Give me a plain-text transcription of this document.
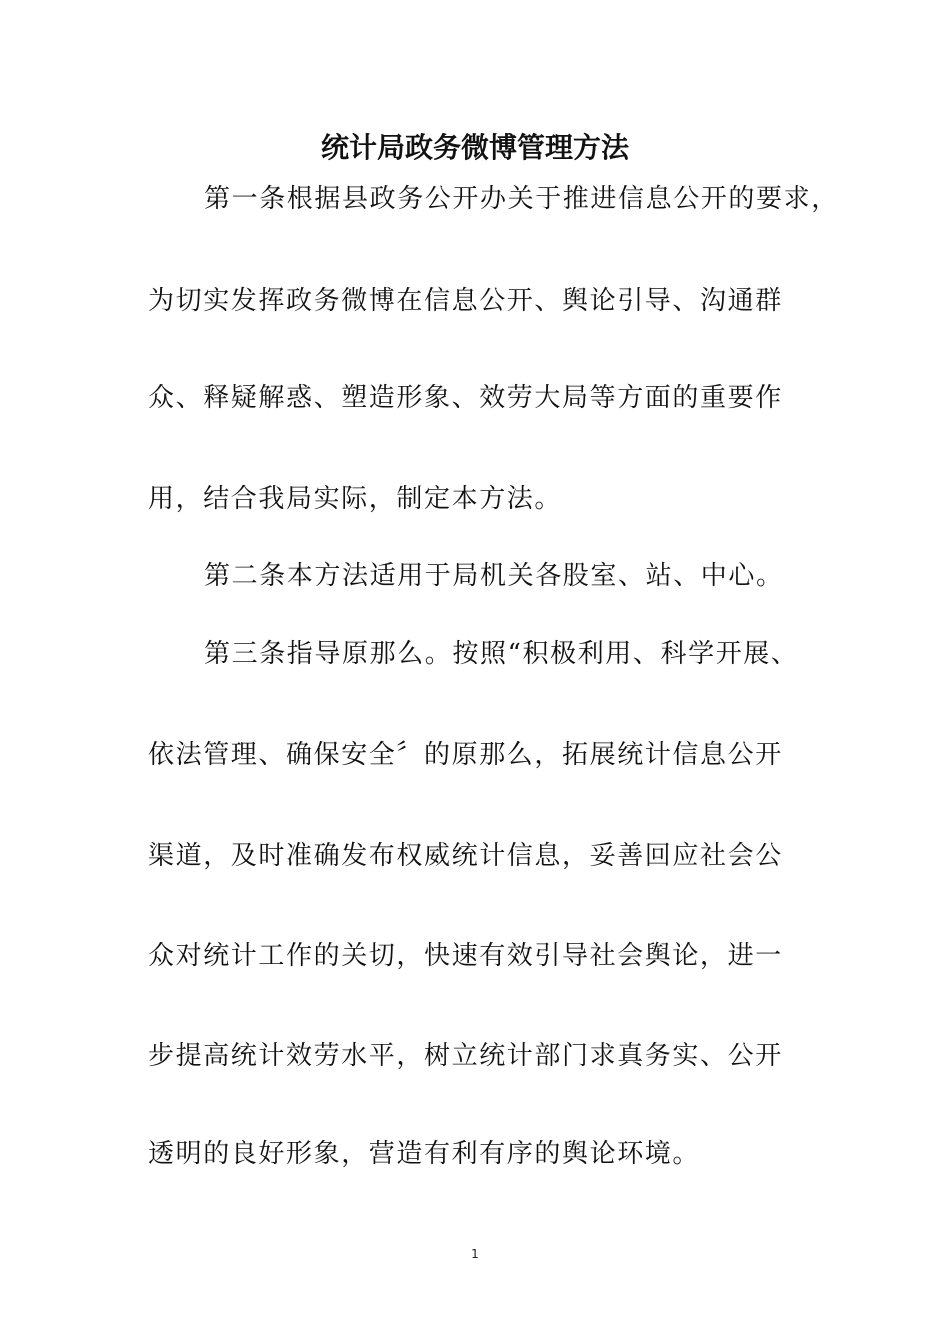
统计局政务微博管理方法
第一条根据县政务公开办关于推进信息公开的要求，
为切实发挥政务微博在信息公开、舆论引导、沟通群
众、释疑解惑、塑造形象、效劳大局等方面的重要作
用，结合我局实际，制定本方法。
第二条本方法适用于局机关各股室、站、中心。
第三条指导原那么。按照“积极利用、科学开展、
依法管理、确保安全〞的原那么，拓展统计信息公开
渠道，及时准确发布权威统计信息，妥善回应社会公
众对统计工作的关切，快速有效引导社会舆论，进一
步提高统计效劳水平，树立统计部门求真务实、公开
透明的良好形象，营造有利有序的舆论环境。
1
